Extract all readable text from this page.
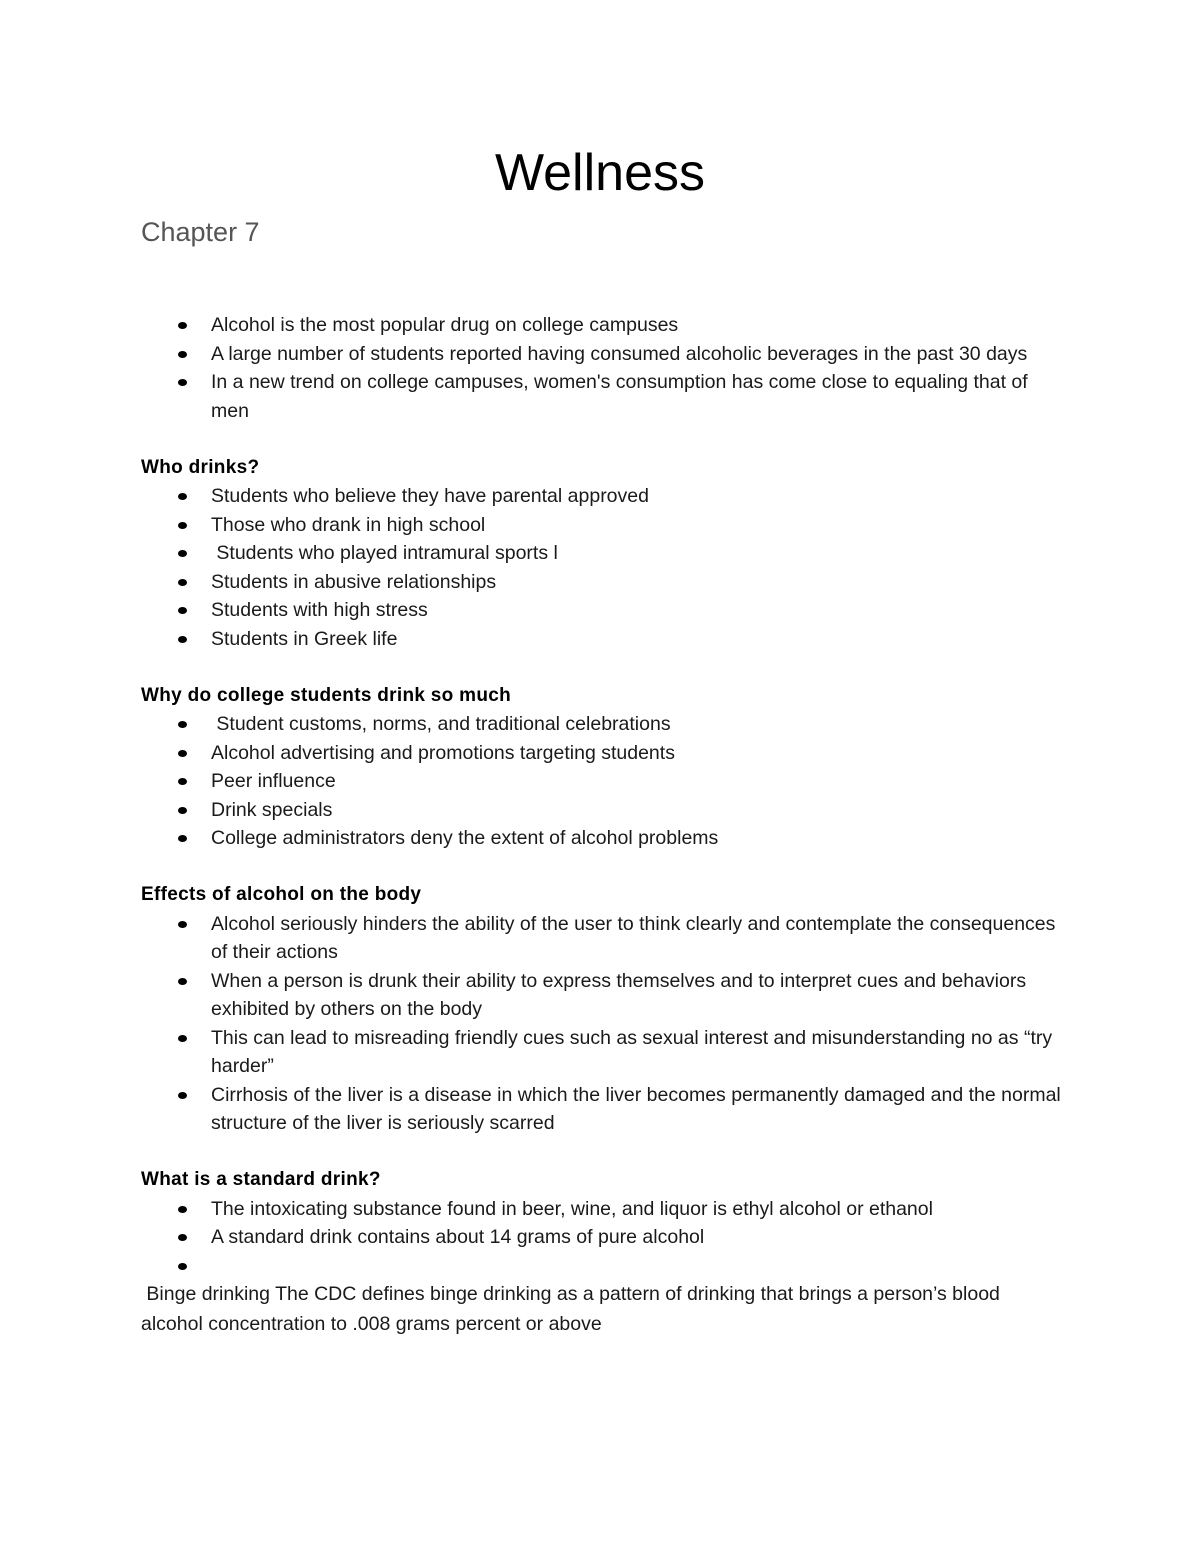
Wellness
Chapter 7
Alcohol is the most popular drug on college campuses
A large number of students reported having consumed alcoholic beverages in the past 30 days
In a new trend on college campuses, women's consumption has come close to equaling that of men

Who drinks?

Students who believe they have parental approved
Those who drank in high school
Students who played intramural sports l
Students in abusive relationships
Students with high stress
Students in Greek life

Why do college students drink so much

Student customs, norms, and traditional celebrations
Alcohol advertising and promotions targeting students
Peer influence
Drink specials
College administrators deny the extent of alcohol problems

Effects of alcohol on the body

Alcohol seriously hinders the ability of the user to think clearly and contemplate the consequences of their actions
When a person is drunk their ability to express themselves and to interpret cues and behaviors exhibited by others on the body
This can lead to misreading friendly cues such as sexual interest and misunderstanding no as “try harder”
Cirrhosis of the liver is a disease in which the liver becomes permanently damaged and the normal structure of the liver is seriously scarred

What is a standard drink?

The intoxicating substance found in beer, wine, and liquor is ethyl alcohol or ethanol
A standard drink contains about 14 grams of pure alcohol

Binge drinking The CDC defines binge drinking as a pattern of drinking that brings a person’s blood alcohol concentration to .008 grams percent or above
